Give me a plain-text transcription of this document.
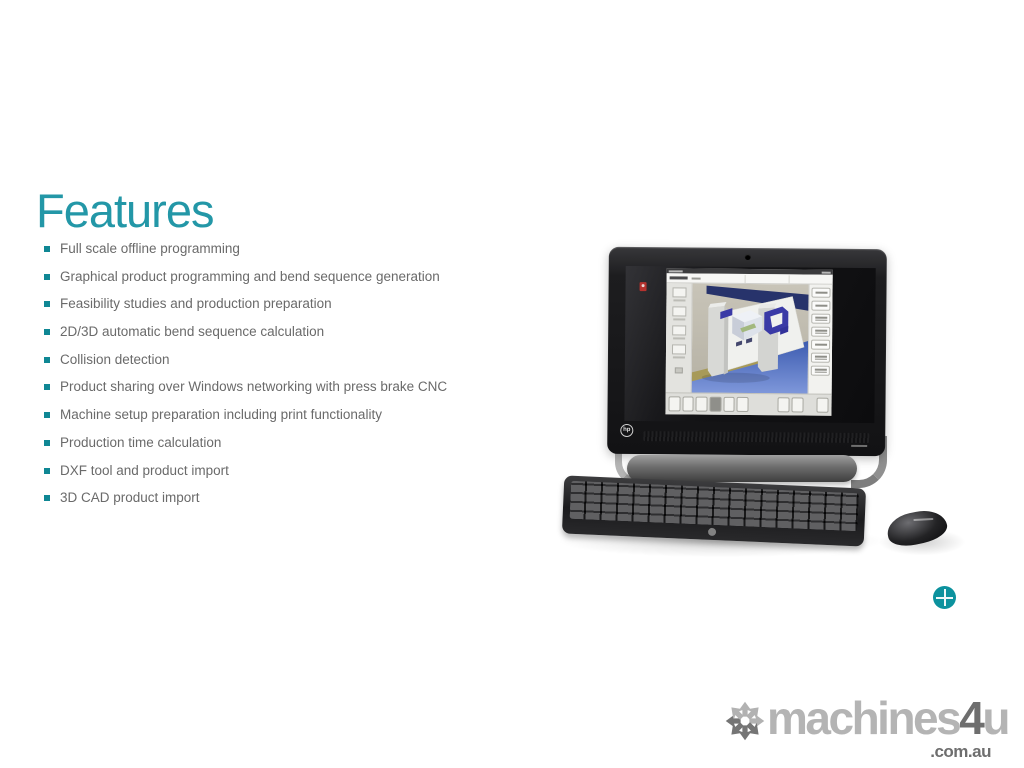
Features
Full scale offline programming
Graphical product programming and bend sequence generation
Feasibility studies and production preparation
2D/3D automatic bend sequence calculation
Collision detection
Product sharing over Windows networking with press brake CNC
Machine setup preparation including print functionality
Production time calculation
DXF tool and product import
3D CAD product import
hp
machines4u
.com.au
